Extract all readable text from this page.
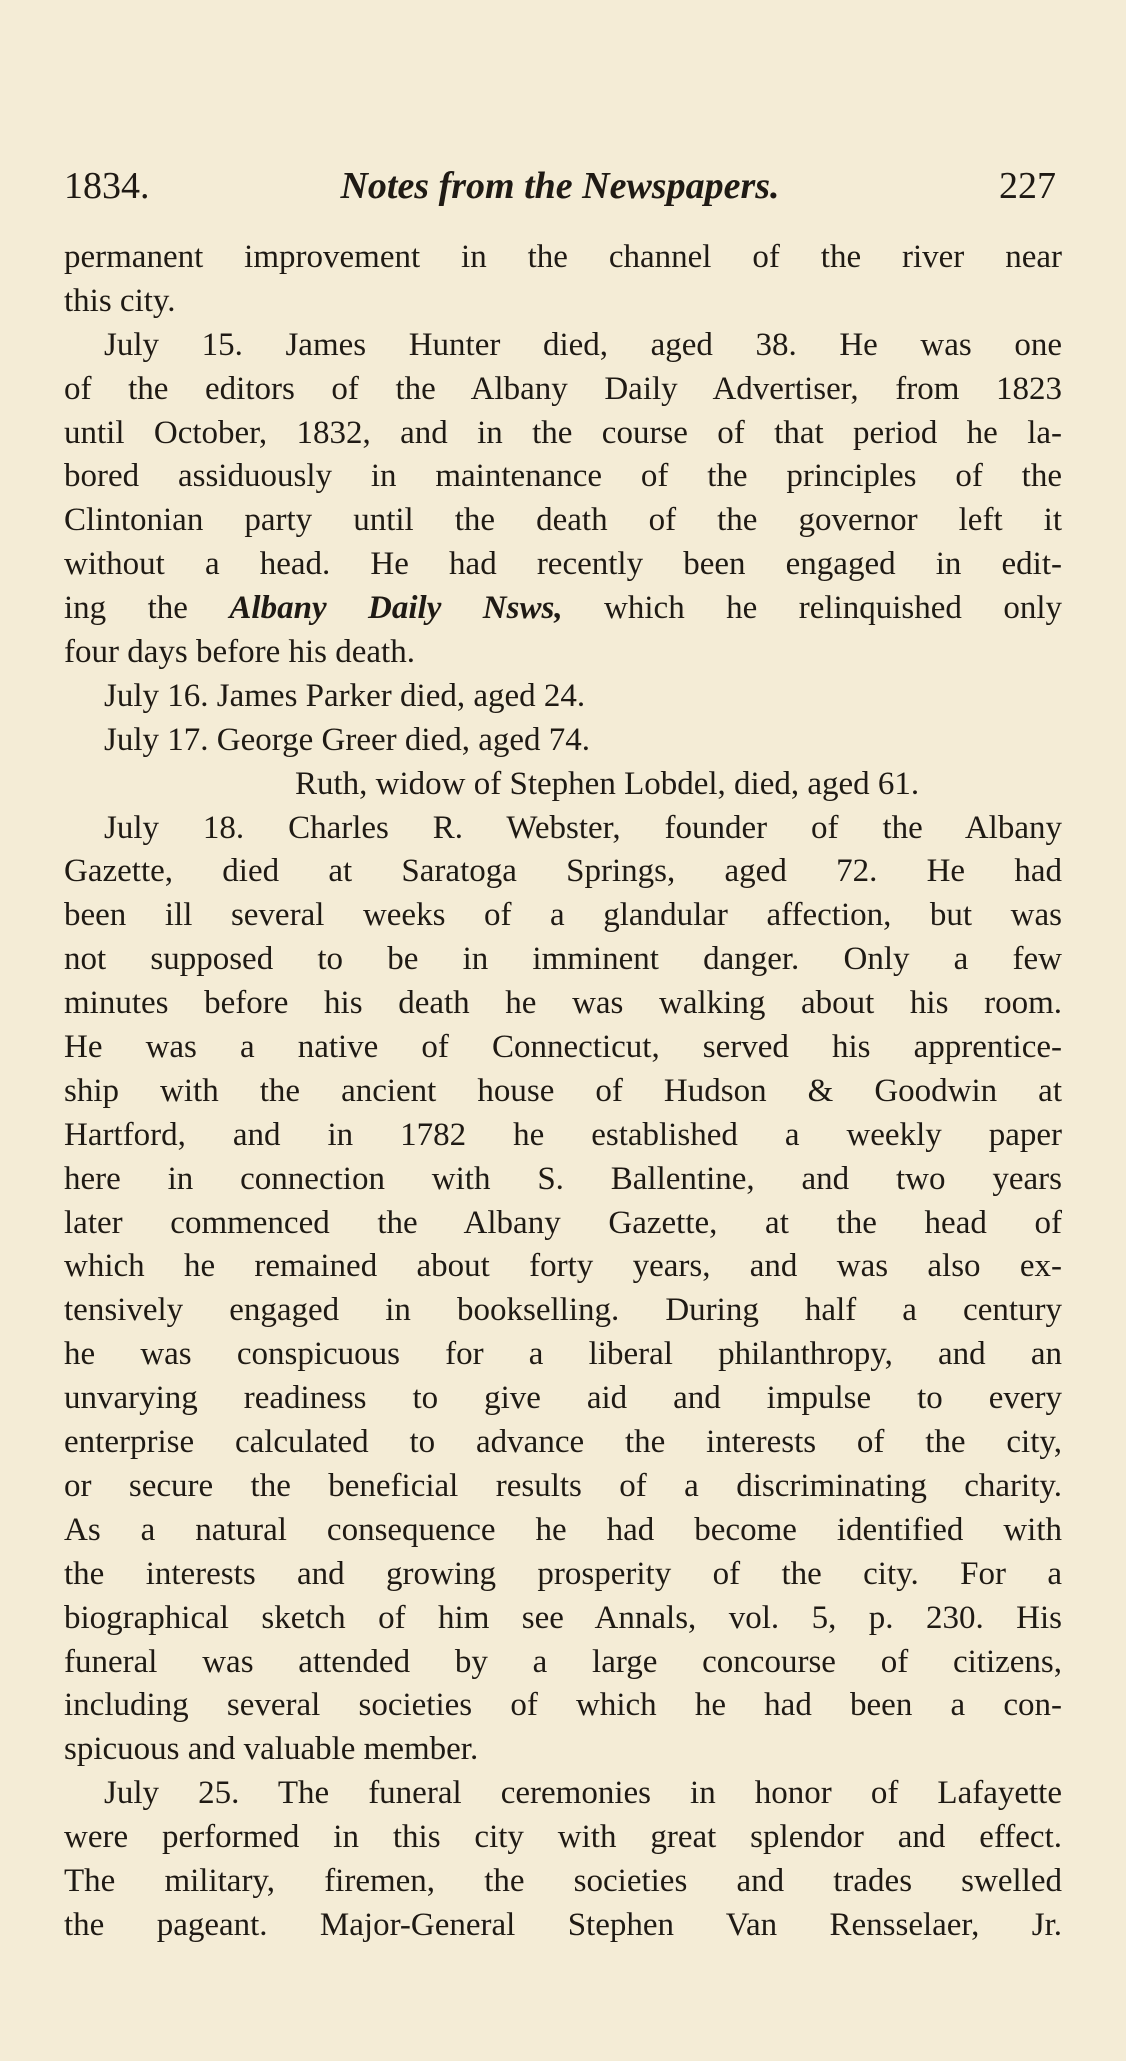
1834.	Notes from the Newspapers.	227
permanent improvement in the channel of the river near
this city.
July 15. James Hunter died, aged 38. He was one
of the editors of the Albany Daily Advertiser, from 1823
until October, 1832, and in the course of that period he la-
bored assiduously in maintenance of the principles of the
Clintonian party until the death of the governor left it
without a head. He had recently been engaged in edit-
ing the Albany Daily Nsws, which he relinquished only
four days before his death.
July 16. James Parker died, aged 24.
July 17. George Greer died, aged 74.
Ruth, widow of Stephen Lobdel, died, aged 61.
July 18. Charles R. Webster, founder of the Albany
Gazette, died at Saratoga Springs, aged 72. He had
been ill several weeks of a glandular affection, but was
not supposed to be in imminent danger. Only a few
minutes before his death he was walking about his room.
He was a native of Connecticut, served his apprentice-
ship with the ancient house of Hudson & Goodwin at
Hartford, and in 1782 he established a weekly paper
here in connection with S. Ballentine, and two years
later commenced the Albany Gazette, at the head of
which he remained about forty years, and was also ex-
tensively engaged in bookselling. During half a century
he was conspicuous for a liberal philanthropy, and an
unvarying readiness to give aid and impulse to every
enterprise calculated to advance the interests of the city,
or secure the beneficial results of a discriminating charity.
As a natural consequence he had become identified with
the interests and growing prosperity of the city. For a
biographical sketch of him see Annals, vol. 5, p. 230. His
funeral was attended by a large concourse of citizens,
including several societies of which he had been a con-
spicuous and valuable member.
July 25. The funeral ceremonies in honor of Lafayette
were performed in this city with great splendor and effect.
The military, firemen, the societies and trades swelled
the pageant. Major-General Stephen Van Rensselaer, Jr.
